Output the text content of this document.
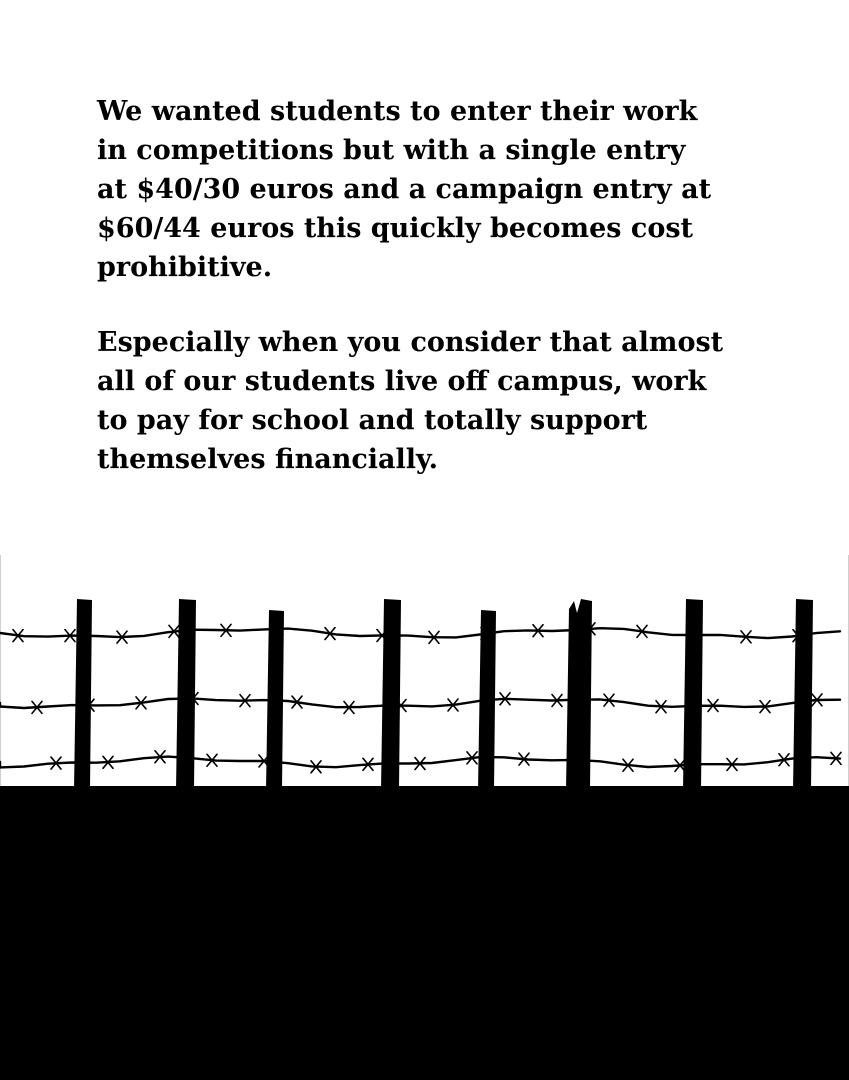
We wanted students to enter their work
in competitions but with a single entry
at $40/30 euros and a campaign entry at
$60/44 euros this quickly becomes cost
prohibitive.

Especially when you consider that almost
all of our students live off campus, work
to pay for school and totally support
themselves financially.
